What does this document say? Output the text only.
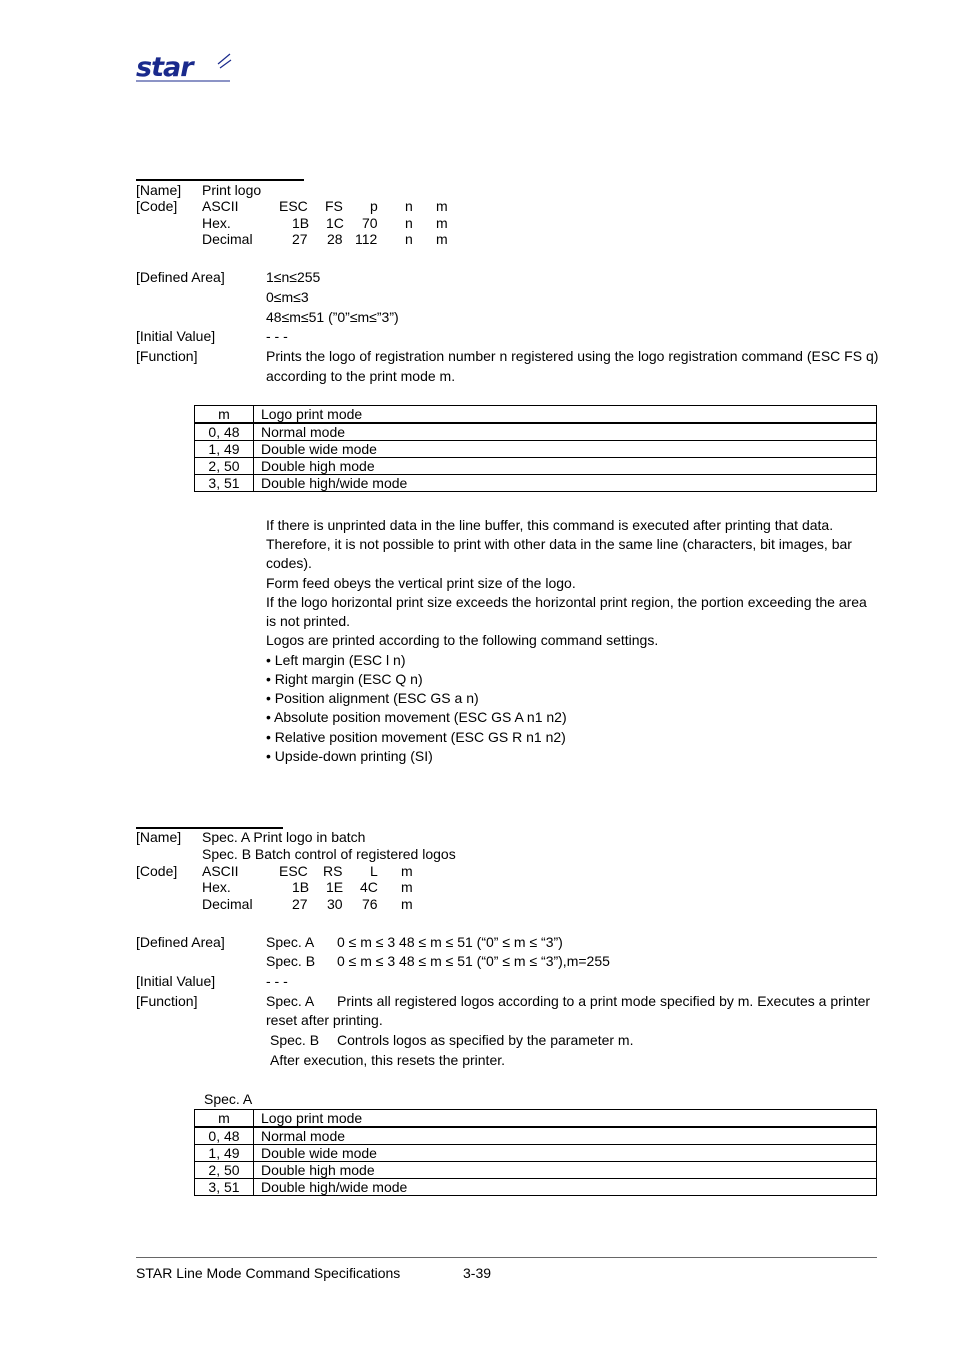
star
[Name] Print logo
[Code] ASCII	ESC FS p n m
Hex.	1B 1C 70 n m
Decimal	27 28 112 n m
[Defined Area]	1≤n≤255
0≤m≤3
48≤m≤51 (”0”≤m≤”3”)
[Initial Value]	- - -
[Function]	Prints the logo of registration number n registered using the logo registration command (ESC FS q)
according to the print mode m.
m	Logo print mode
0, 48	Normal mode
1, 49	Double wide mode
2, 50	Double high mode
3, 51	Double high/wide mode
If there is unprinted data in the line buffer, this command is executed after printing that data.
Therefore, it is not possible to print with other data in the same line (characters, bit images, bar
codes).
Form feed obeys the vertical print size of the logo.
If the logo horizontal print size exceeds the horizontal print region, the portion exceeding the area
is not printed.
Logos are printed according to the following command settings.
• Left margin (ESC l n)
• Right margin (ESC Q n)
• Position alignment (ESC GS a n)
• Absolute position movement (ESC GS A n1 n2)
• Relative position movement (ESC GS R n1 n2)
• Upside-down printing (SI)
[Name] Spec. A Print logo in batch
Spec. B Batch control of registered logos
[Code] ASCII	ESC RS L m
Hex.	1B 1E 4C m
Decimal	27 30 76 m
[Defined Area]	Spec. A 0 ≤ m ≤ 3 48 ≤ m ≤ 51 (“0” ≤ m ≤ “3”)
Spec. B 0 ≤ m ≤ 3 48 ≤ m ≤ 51 (“0” ≤ m ≤ “3”),m=255
[Initial Value]	- - -
[Function]	Spec. A Prints all registered logos according to a print mode specified by m. Executes a printer
reset after printing.
Spec. B Controls logos as specified by the parameter m.
After execution, this resets the printer.
Spec. A
m	Logo print mode
0, 48	Normal mode
1, 49	Double wide mode
2, 50	Double high mode
3, 51	Double high/wide mode
STAR Line Mode Command Specifications	3-39
